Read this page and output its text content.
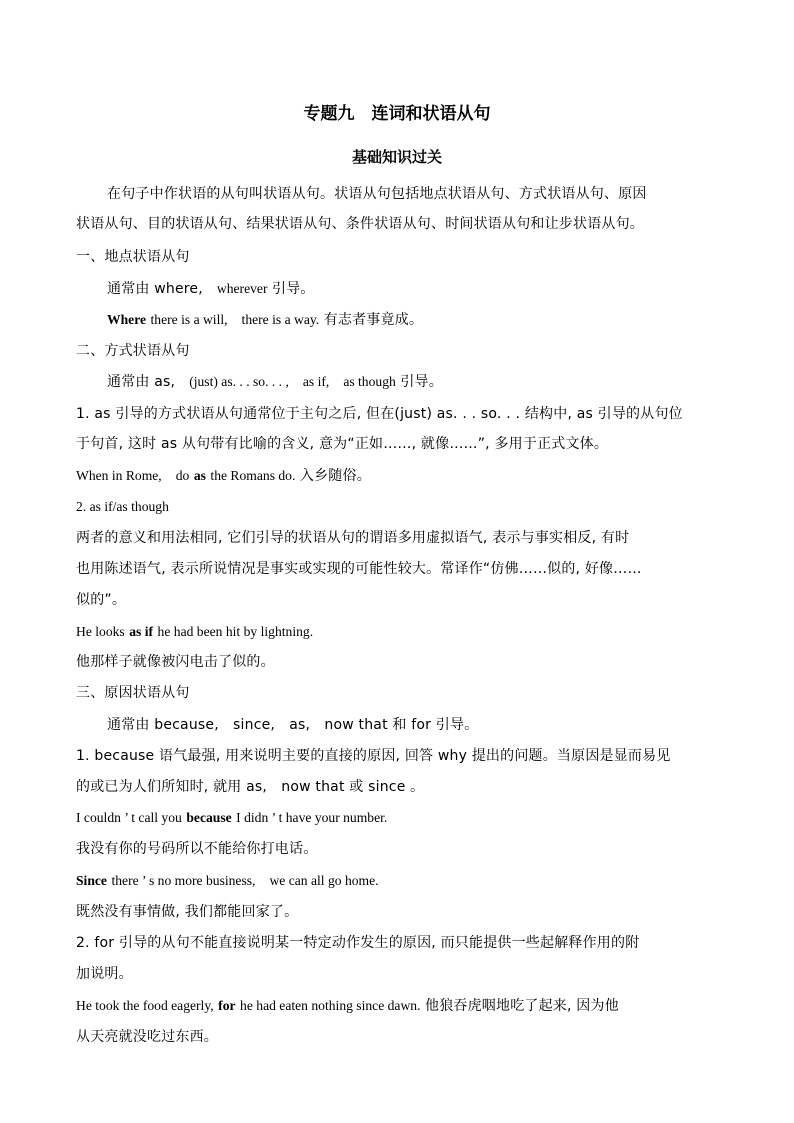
专题九　连词和状语从句
基础知识过关
在句子中作状语的从句叫状语从句。状语从句包括地点状语从句、方式状语从句、原因
状语从句、目的状语从句、结果状语从句、条件状语从句、时间状语从句和让步状语从句。
一、地点状语从句
通常由 where, wherever 引导。
Where there is a will, there is a way. 有志者事竟成。
二、方式状语从句
通常由 as, (just) as. . . so. . . , as if, as though 引导。
1. as 引导的方式状语从句通常位于主句之后, 但在(just) as. . . so. . . 结构中, as 引导的从句位
于句首, 这时 as 从句带有比喻的含义, 意为“正如……, 就像……”, 多用于正式文体。
When in Rome, do as the Romans do. 入乡随俗。
2. as if/as though
两者的意义和用法相同, 它们引导的状语从句的谓语多用虚拟语气, 表示与事实相反, 有时
也用陈述语气, 表示所说情况是事实或实现的可能性较大。常译作“仿佛……似的, 好像……
似的”。
He looks as if he had been hit by lightning.
他那样子就像被闪电击了似的。
三、原因状语从句
通常由 because,　since,　as,　now that 和 for 引导。
1. because 语气最强, 用来说明主要的直接的原因, 回答 why 提出的问题。当原因是显而易见
的或已为人们所知时, 就用 as,　now that 或 since 。
I couldn ’ t call you because I didn ’ t have your number.
我没有你的号码所以不能给你打电话。
Since there ’ s no more business, we can all go home.
既然没有事情做, 我们都能回家了。
2. for 引导的从句不能直接说明某一特定动作发生的原因, 而只能提供一些起解释作用的附
加说明。
He took the food eagerly, for he had eaten nothing since dawn. 他狼吞虎咽地吃了起来, 因为他
从天亮就没吃过东西。
